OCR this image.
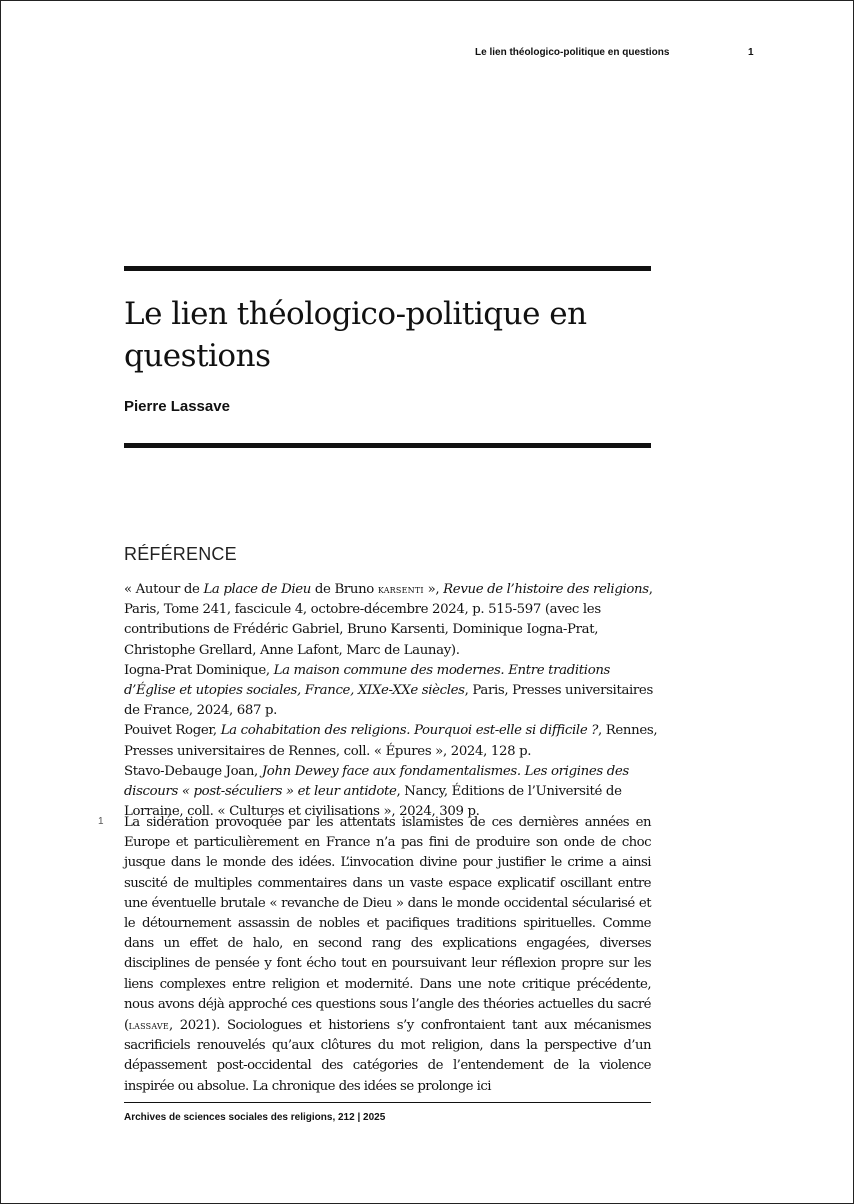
Le lien théologico-politique en questions	1
Le lien théologico-politique en questions
Pierre Lassave
RÉFÉRENCE

« Autour de La place de Dieu de Bruno karsenti », Revue de l’histoire des religions, Paris, Tome 241, fascicule 4, octobre-décembre 2024, p. 515-597 (avec les contributions de Frédéric Gabriel, Bruno Karsenti, Dominique Iogna-Prat, Christophe Grellard, Anne Lafont, Marc de Launay).

Iogna-Prat Dominique, La maison commune des modernes. Entre traditions d’Église et utopies sociales, France, XIXe-XXe siècles, Paris, Presses universitaires de France, 2024, 687 p.

Pouivet Roger, La cohabitation des religions. Pourquoi est-elle si difficile ?, Rennes, Presses universitaires de Rennes, coll. « Épures », 2024, 128 p.

Stavo-Debauge Joan, John Dewey face aux fondamentalismes. Les origines des discours « post-séculiers » et leur antidote, Nancy, Éditions de l’Université de Lorraine, coll. « Cultures et civilisations », 2024, 309 p.

1 La sidération provoquée par les attentats islamistes de ces dernières années en Europe et particulièrement en France n’a pas fini de produire son onde de choc jusque dans le monde des idées. L’invocation divine pour justifier le crime a ainsi suscité de multiples commentaires dans un vaste espace explicatif oscillant entre une éventuelle brutale « revanche de Dieu » dans le monde occidental sécularisé et le détournement assassin de nobles et pacifiques traditions spirituelles. Comme dans un effet de halo, en second rang des explications engagées, diverses disciplines de pensée y font écho tout en poursuivant leur réflexion propre sur les liens complexes entre religion et modernité. Dans une note critique précédente, nous avons déjà approché ces questions sous l’angle des théories actuelles du sacré (lassave, 2021). Sociologues et historiens s’y confrontaient tant aux mécanismes sacrificiels renouvelés qu’aux clôtures du mot religion, dans la perspective d’un dépassement post-occidental des catégories de l’entendement de la violence inspirée ou absolue. La chronique des idées se prolonge ici

Archives de sciences sociales des religions, 212 | 2025
